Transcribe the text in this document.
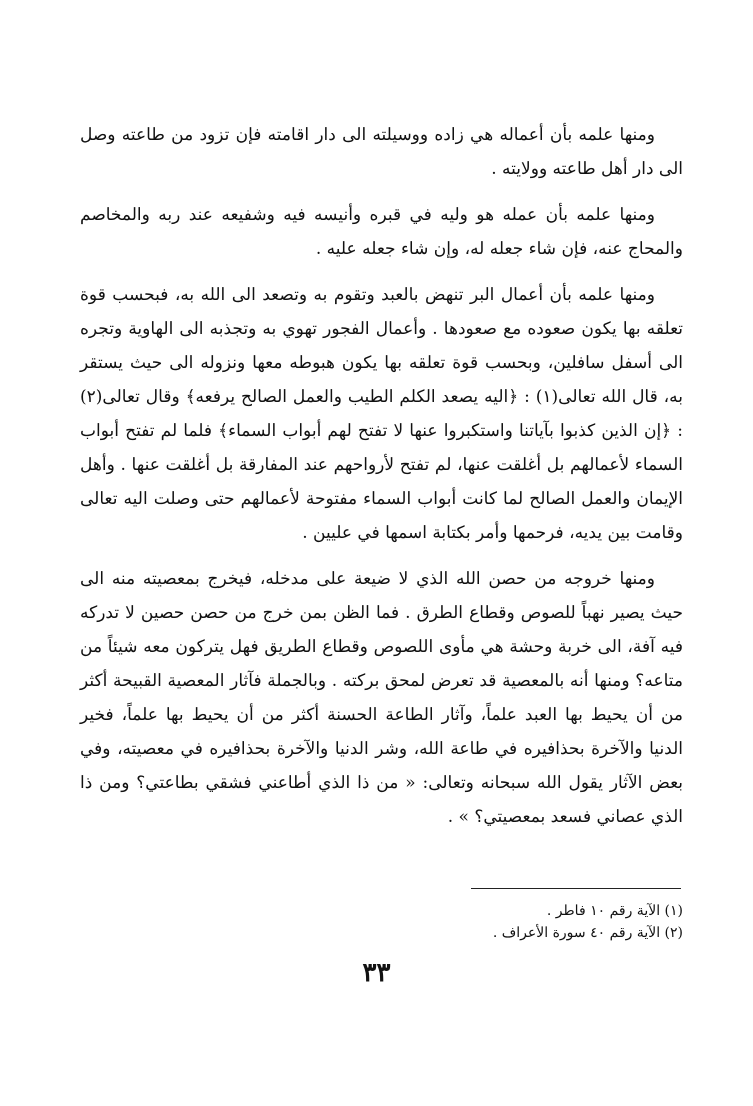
ومنها علمه بأن أعماله هي زاده ووسيلته الى دار اقامته فإن تزود من طاعته وصل الى دار أهل طاعته وولايته .

ومنها علمه بأن عمله هو وليه في قبره وأنيسه فيه وشفيعه عند ربه والمخاصم والمحاج عنه، فإن شاء جعله له، وإن شاء جعله عليه .

ومنها علمه بأن أعمال البر تنهض بالعبد وتقوم به وتصعد الى الله به، فبحسب قوة تعلقه بها يكون صعوده مع صعودها . وأعمال الفجور تهوي به وتجذبه الى الهاوية وتجره الى أسفل سافلين، وبحسب قوة تعلقه بها يكون هبوطه معها ونزوله الى حيث يستقر به، قال الله تعالى(١) : ﴿اليه يصعد الكلم الطيب والعمل الصالح يرفعه﴾ وقال تعالى(٢) : ﴿إن الذين كذبوا بآياتنا واستكبروا عنها لا تفتح لهم أبواب السماء﴾ فلما لم تفتح أبواب السماء لأعمالهم بل أغلقت عنها، لم تفتح لأرواحهم عند المفارقة بل أغلقت عنها . وأهل الإيمان والعمل الصالح لما كانت أبواب السماء مفتوحة لأعمالهم حتى وصلت اليه تعالى وقامت بين يديه، فرحمها وأمر بكتابة اسمها في عليين .

ومنها خروجه من حصن الله الذي لا ضيعة على مدخله، فيخرج بمعصيته منه الى حيث يصير نهباً للصوص وقطاع الطرق . فما الظن بمن خرج من حصن حصين لا تدركه فيه آفة، الى خربة وحشة هي مأوى اللصوص وقطاع الطريق فهل يتركون معه شيئاً من متاعه؟ ومنها أنه بالمعصية قد تعرض لمحق بركته . وبالجملة فآثار المعصية القبيحة أكثر من أن يحيط بها العبد علماً، وآثار الطاعة الحسنة أكثر من أن يحيط بها علماً، فخير الدنيا والآخرة بحذافيره في طاعة الله، وشر الدنيا والآخرة بحذافيره في معصيته، وفي بعض الآثار يقول الله سبحانه وتعالى: « من ذا الذي أطاعني فشقي بطاعتي؟ ومن ذا الذي عصاني فسعد بمعصيتي؟ » .

(١) الآية رقم ١٠ فاطر .
(٢) الآية رقم ٤٠ سورة الأعراف .
٣٣
